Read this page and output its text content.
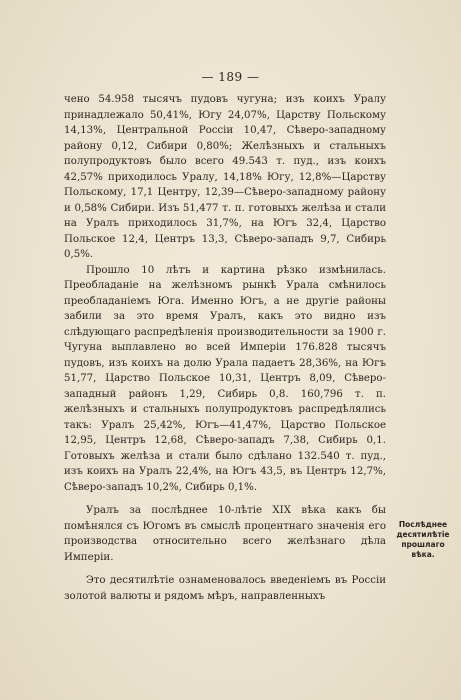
— 189 —

чено 54.958 тысячъ пудовъ чугуна; изъ коихъ Уралу принадлежало 50,41%, Югу 24,07%, Царству Польскому 14,13%, Центральной Россіи 10,47, Сѣверо-западному району 0,12, Сибири 0,80%; Желѣзныхъ и стальныхъ полупродуктовъ было всего 49.543 т. пуд., изъ коихъ 42,57% приходилось Уралу, 14,18% Югу, 12,8%—Царству Польскому, 17,1 Центру, 12,39—Сѣверо-западному району и 0,58% Сибири. Изъ 51,477 т. п. готовыхъ желѣза и стали на Уралъ приходилось 31,7%, на Югъ 32,4, Царство Польское 12,4, Центръ 13,3, Сѣверо-западъ 9,7, Сибирь 0,5%.

Прошло 10 лѣтъ и картина рѣзко измѣнилась. Преобладаніе на желѣзномъ рынкѣ Урала смѣнилось преобладаніемъ Юга. Именно Югъ, а не другіе районы забили за это время Уралъ, какъ это видно изъ слѣдующаго распредѣленія производительности за 1900 г. Чугуна выплавлено во всей Имперіи 176.828 тысячъ пудовъ, изъ коихъ на долю Урала падаетъ 28,36%, на Югъ 51,77, Царство Польское 10,31, Центръ 8,09, Сѣверо-западный районъ 1,29, Сибирь 0,8. 160,796 т. п. желѣзныхъ и стальныхъ полупродуктовъ распредѣлялись такъ: Уралъ 25,42%, Югъ—41,47%, Царство Польское 12,95, Центръ 12,68, Сѣверо-западъ 7,38, Сибирь 0,1. Готовыхъ желѣза и стали было сдѣлано 132.540 т. пуд., изъ коихъ на Уралъ 22,4%, на Югъ 43,5, въ Центръ 12,7%, Сѣверо-западъ 10,2%, Сибирь 0,1%.

Уралъ за послѣднее 10-лѣтіе XIX вѣка какъ бы помѣнялся съ Югомъ въ смыслѣ процентнаго значенія его производства относительно всего желѣзнаго дѣла Имперіи.

Это десятилѣтіе ознаменовалось введеніемъ въ Россіи золотой валюты и рядомъ мѣръ, направленныхъ

Послѣднее десятилѣтіе прошлаго вѣка.
